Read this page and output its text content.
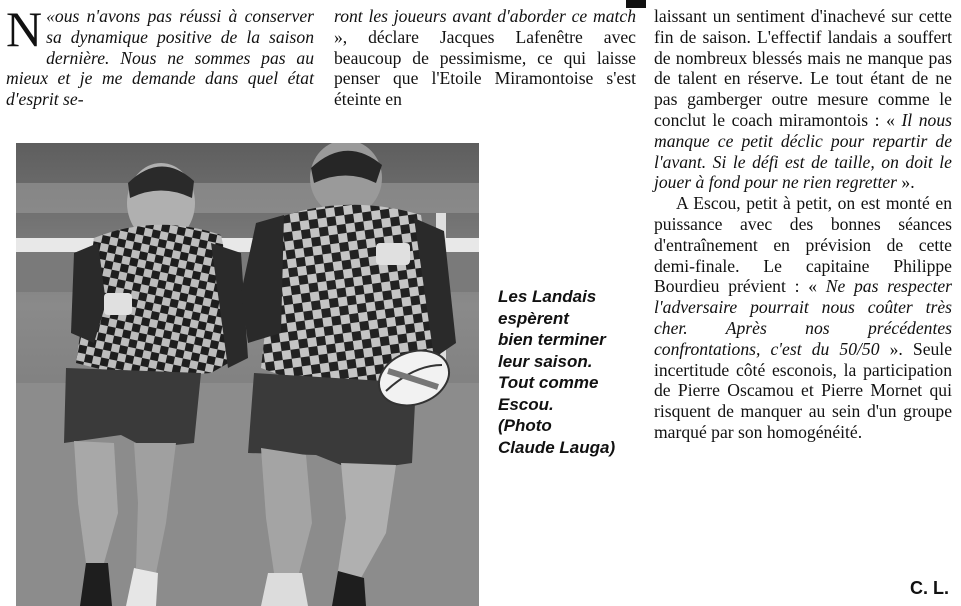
«
N ous n'avons pas réussi à conserver sa dynamique positive de la saison dernière. Nous ne sommes pas au mieux et je me demande dans quel état d'esprit se-

ront les joueurs avant d'aborder ce match », déclare Jacques Lafenêtre avec beaucoup de pessimisme, ce qui laisse penser que l'Etoile Miramontoise s'est éteinte en

laissant un sentiment d'inachevé sur cette fin de saison. L'effectif landais a souffert de nombreux blessés mais ne manque pas de talent en réserve. Le tout étant de ne pas gamberger outre mesure comme le conclut le coach miramontois : « Il nous manque ce petit déclic pour repartir de l'avant. Si le défi est de taille, on doit le jouer à fond pour ne rien regretter ».

A Escou, petit à petit, on est monté en puissance avec des bonnes séances d'entraînement en prévision de cette demi-finale. Le capitaine Philippe Bourdieu prévient : « Ne pas respecter l'adversaire pourrait nous coûter très cher. Après nos précédentes confrontations, c'est du 50/50 ». Seule incertitude côté esconois, la participation de Pierre Oscamou et Pierre Mornet qui risquent de manquer au sein d'un groupe marqué par son homogénéité.

C. L.
Les Landais
espèrent
bien terminer
leur saison.
Tout comme
Escou.
(Photo
Claude Lauga)
